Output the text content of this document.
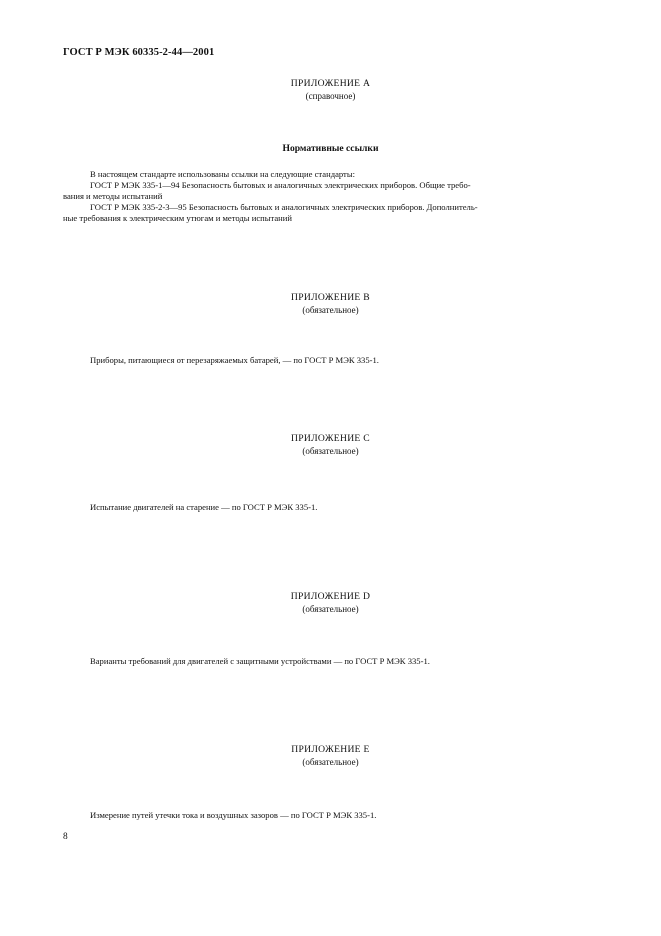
ГОСТ Р МЭК 60335-2-44—2001
ПРИЛОЖЕНИЕ А
(справочное)
Нормативные ссылки
В настоящем стандарте использованы ссылки на следующие стандарты:
ГОСТ Р МЭК 335-1—94 Безопасность бытовых и аналогичных электрических приборов. Общие требо-
вания и методы испытаний
ГОСТ Р МЭК 335-2-3—95 Безопасность бытовых и аналогичных электрических приборов. Дополнитель-
ные требования к электрическим утюгам и методы испытаний
ПРИЛОЖЕНИЕ В
(обязательное)
Приборы, питающиеся от перезаряжаемых батарей, — по ГОСТ Р МЭК 335-1.
ПРИЛОЖЕНИЕ С
(обязательное)
Испытание двигателей на старение — по ГОСТ Р МЭК 335-1.
ПРИЛОЖЕНИЕ D
(обязательное)
Варианты требований для двигателей с защитными устройствами — по ГОСТ Р МЭК 335-1.
ПРИЛОЖЕНИЕ Е
(обязательное)
Измерение путей утечки тока и воздушных зазоров — по ГОСТ Р МЭК 335-1.
8
